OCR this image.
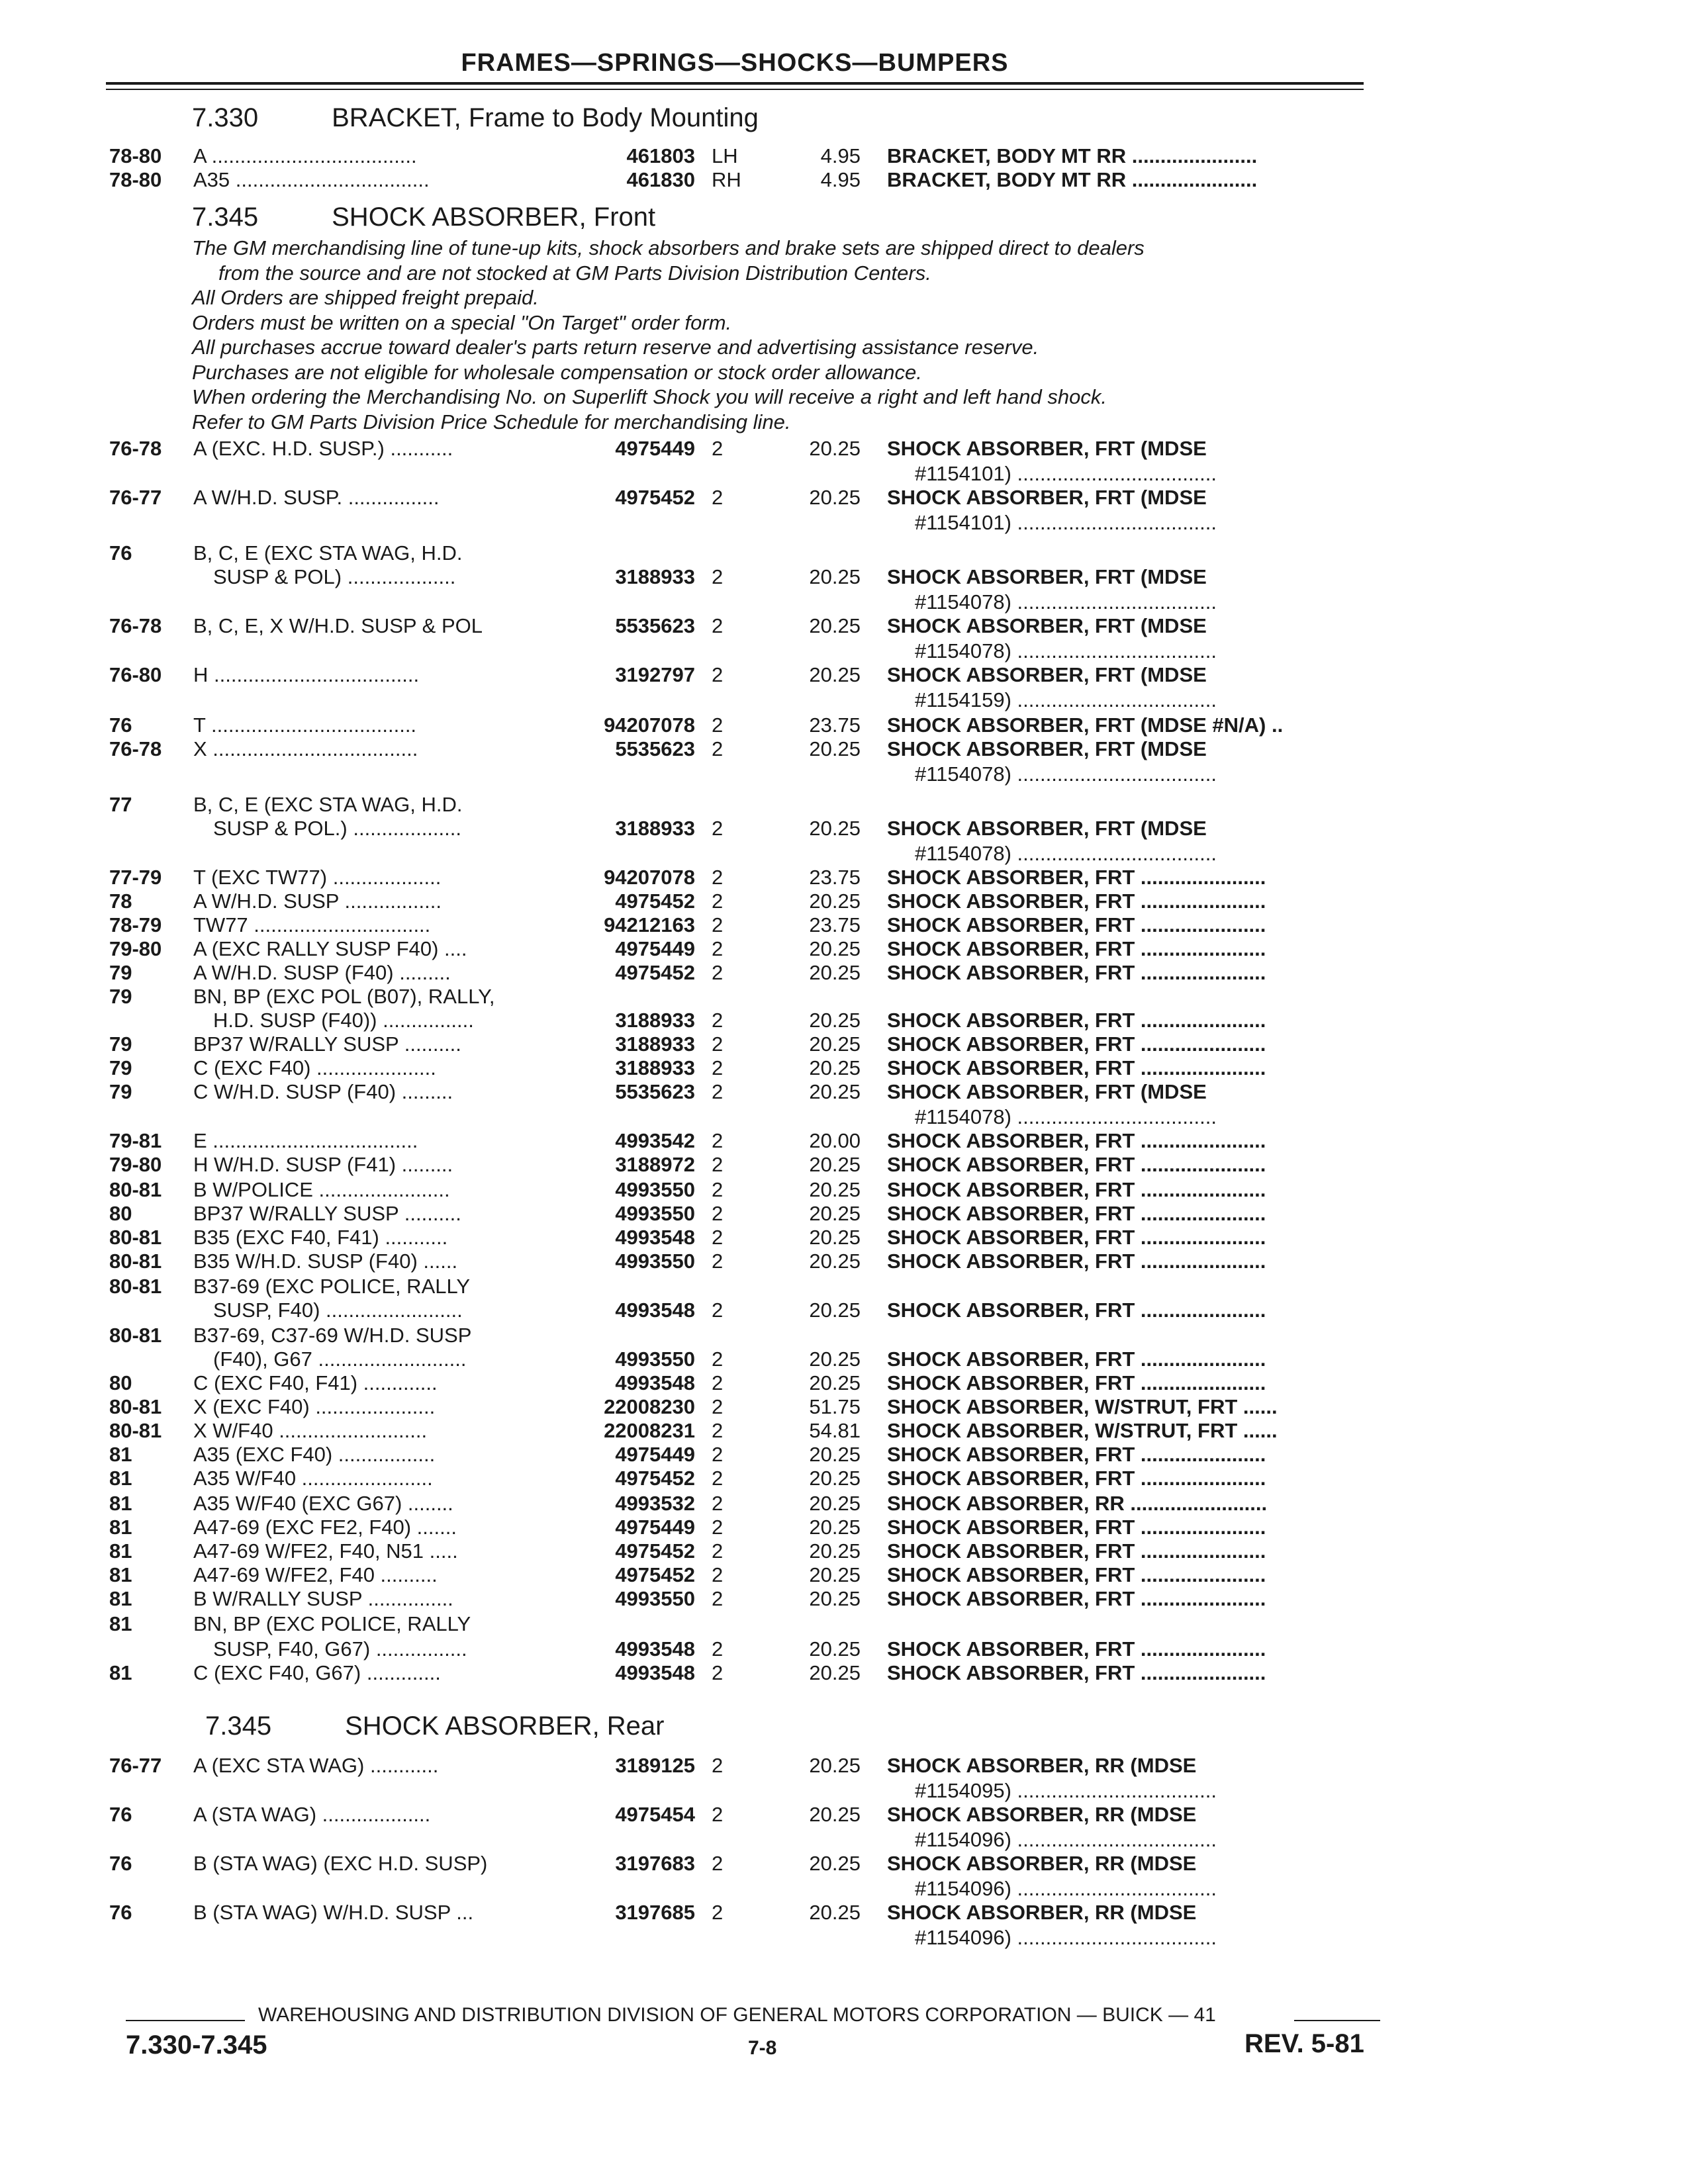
FRAMES—SPRINGS—SHOCKS—BUMPERS
7.330	BRACKET, Frame to Body Mounting
7.345	SHOCK ABSORBER, Front
7.345	SHOCK ABSORBER, Rear
The GM merchandising line of tune-up kits, shock absorbers and brake sets are shipped direct to dealers
from the source and are not stocked at GM Parts Division Distribution Centers.
All Orders are shipped freight prepaid.
Orders must be written on a special "On Target" order form.
All purchases accrue toward dealer's parts return reserve and advertising assistance reserve.
Purchases are not eligible for wholesale compensation or stock order allowance.
When ordering the Merchandising No. on Superlift Shock you will receive a right and left hand shock.
Refer to GM Parts Division Price Schedule for merchandising line.
78-80 A ....................................	461803 LH	4.95 BRACKET, BODY MT RR ......................
78-80 A35 ..................................	461830 RH	4.95 BRACKET, BODY MT RR ......................
76-78 A (EXC. H.D. SUSP.) ...........	4975449 2	20.25 SHOCK ABSORBER, FRT (MDSE
#1154101) ...................................
76-77 A W/H.D. SUSP. ................	4975452 2	20.25 SHOCK ABSORBER, FRT (MDSE
#1154101) ...................................
76	B, C, E (EXC STA WAG, H.D.
SUSP & POL) ...................	3188933 2	20.25 SHOCK ABSORBER, FRT (MDSE
#1154078) ...................................
76-78 B, C, E, X W/H.D. SUSP & POL	5535623 2	20.25 SHOCK ABSORBER, FRT (MDSE
#1154078) ...................................
76-80 H ....................................	3192797 2	20.25 SHOCK ABSORBER, FRT (MDSE
#1154159) ...................................
76	T ....................................	94207078 2	23.75 SHOCK ABSORBER, FRT (MDSE #N/A) ..
76-78 X ....................................	5535623 2	20.25 SHOCK ABSORBER, FRT (MDSE
#1154078) ...................................
77	B, C, E (EXC STA WAG, H.D.
SUSP & POL.) ...................	3188933 2	20.25 SHOCK ABSORBER, FRT (MDSE
#1154078) ...................................
77-79 T (EXC TW77) ...................	94207078 2	23.75 SHOCK ABSORBER, FRT ......................
78	A W/H.D. SUSP .................	4975452 2	20.25 SHOCK ABSORBER, FRT ......................
78-79 TW77 ...............................	94212163 2	23.75 SHOCK ABSORBER, FRT ......................
79-80 A (EXC RALLY SUSP F40) ....	4975449 2	20.25 SHOCK ABSORBER, FRT ......................
79	A W/H.D. SUSP (F40) .........	4975452 2	20.25 SHOCK ABSORBER, FRT ......................
79	BN, BP (EXC POL (B07), RALLY,
H.D. SUSP (F40)) ................	3188933 2	20.25 SHOCK ABSORBER, FRT ......................
79	BP37 W/RALLY SUSP ..........	3188933 2	20.25 SHOCK ABSORBER, FRT ......................
79	C (EXC F40) .....................	3188933 2	20.25 SHOCK ABSORBER, FRT ......................
79	C W/H.D. SUSP (F40) .........	5535623 2	20.25 SHOCK ABSORBER, FRT (MDSE
#1154078) ...................................
79-81 E ....................................	4993542 2	20.00 SHOCK ABSORBER, FRT ......................
79-80 H W/H.D. SUSP (F41) .........	3188972 2	20.25 SHOCK ABSORBER, FRT ......................
80-81 B W/POLICE .......................	4993550 2	20.25 SHOCK ABSORBER, FRT ......................
80	BP37 W/RALLY SUSP ..........	4993550 2	20.25 SHOCK ABSORBER, FRT ......................
80-81 B35 (EXC F40, F41) ...........	4993548 2	20.25 SHOCK ABSORBER, FRT ......................
80-81 B35 W/H.D. SUSP (F40) ......	4993550 2	20.25 SHOCK ABSORBER, FRT ......................
80-81 B37-69 (EXC POLICE, RALLY
SUSP, F40) ........................	4993548 2	20.25 SHOCK ABSORBER, FRT ......................
80-81 B37-69, C37-69 W/H.D. SUSP
(F40), G67 ..........................	4993550 2	20.25 SHOCK ABSORBER, FRT ......................
80	C (EXC F40, F41) .............	4993548 2	20.25 SHOCK ABSORBER, FRT ......................
80-81 X (EXC F40) .....................	22008230 2	51.75 SHOCK ABSORBER, W/STRUT, FRT ......
80-81 X W/F40 ..........................	22008231 2	54.81 SHOCK ABSORBER, W/STRUT, FRT ......
81	A35 (EXC F40) .................	4975449 2	20.25 SHOCK ABSORBER, FRT ......................
81	A35 W/F40 .......................	4975452 2	20.25 SHOCK ABSORBER, FRT ......................
81	A35 W/F40 (EXC G67) ........	4993532 2	20.25 SHOCK ABSORBER, RR ........................
81	A47-69 (EXC FE2, F40) .......	4975449 2	20.25 SHOCK ABSORBER, FRT ......................
81	A47-69 W/FE2, F40, N51 .....	4975452 2	20.25 SHOCK ABSORBER, FRT ......................
81	A47-69 W/FE2, F40 ..........	4975452 2	20.25 SHOCK ABSORBER, FRT ......................
81	B W/RALLY SUSP ...............	4993550 2	20.25 SHOCK ABSORBER, FRT ......................
81	BN, BP (EXC POLICE, RALLY
SUSP, F40, G67) ................	4993548 2	20.25 SHOCK ABSORBER, FRT ......................
81	C (EXC F40, G67) .............	4993548 2	20.25 SHOCK ABSORBER, FRT ......................
76-77 A (EXC STA WAG) ............	3189125 2	20.25 SHOCK ABSORBER, RR (MDSE
#1154095) ...................................
76	A (STA WAG) ...................	4975454 2	20.25 SHOCK ABSORBER, RR (MDSE
#1154096) ...................................
76	B (STA WAG) (EXC H.D. SUSP)	3197683 2	20.25 SHOCK ABSORBER, RR (MDSE
#1154096) ...................................
76	B (STA WAG) W/H.D. SUSP ...	3197685 2	20.25 SHOCK ABSORBER, RR (MDSE
#1154096) ...................................
WAREHOUSING AND DISTRIBUTION DIVISION OF GENERAL MOTORS CORPORATION — BUICK — 41
7.330-7.345	7-8	REV. 5-81
